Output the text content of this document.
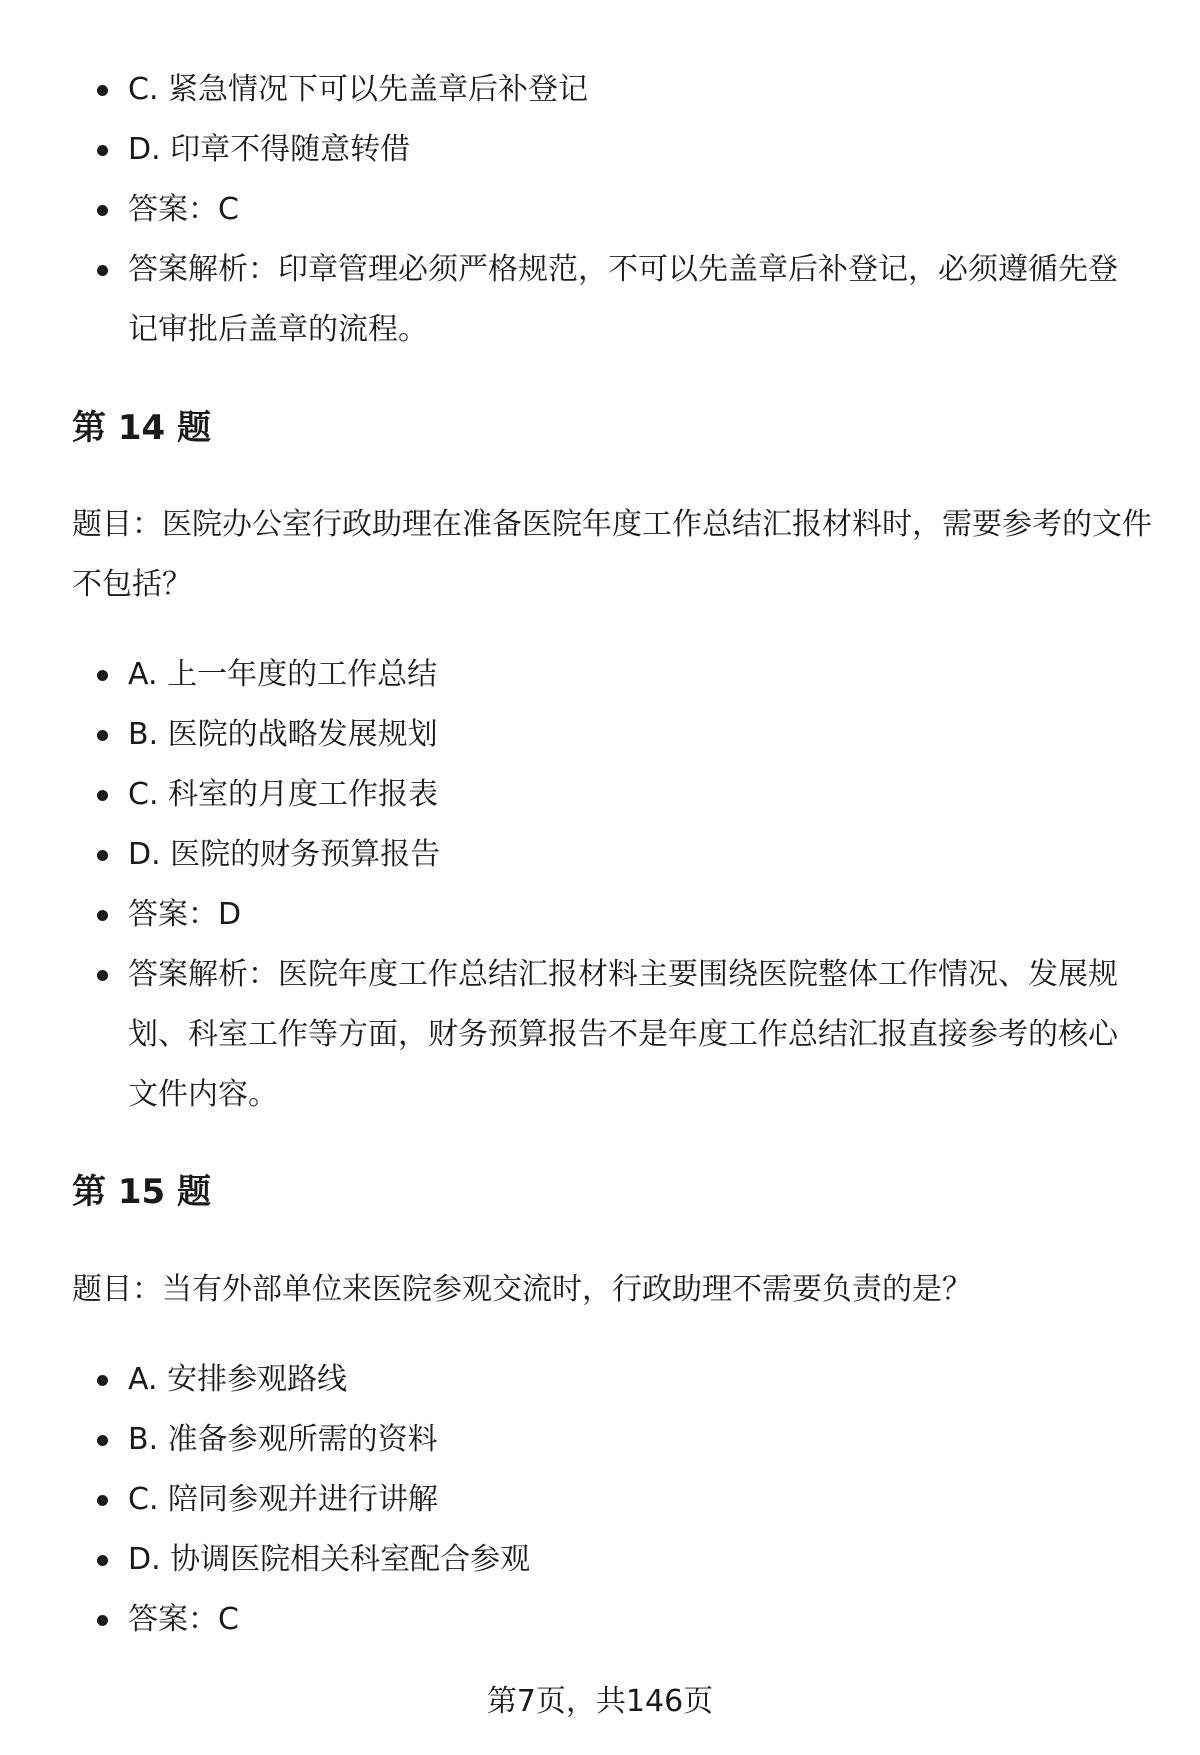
C. 紧急情况下可以先盖章后补登记
D. 印章不得随意转借
答案：C
答案解析：印章管理必须严格规范，不可以先盖章后补登记，必须遵循先登记审批后盖章的流程。
第 14 题

题目：医院办公室行政助理在准备医院年度工作总结汇报材料时，需要参考的文件不包括？

A. 上一年度的工作总结
B. 医院的战略发展规划
C. 科室的月度工作报表
D. 医院的财务预算报告
答案：D
答案解析：医院年度工作总结汇报材料主要围绕医院整体工作情况、发展规划、科室工作等方面，财务预算报告不是年度工作总结汇报直接参考的核心文件内容。
第 15 题

题目：当有外部单位来医院参观交流时，行政助理不需要负责的是？

A. 安排参观路线
B. 准备参观所需的资料
C. 陪同参观并进行讲解
D. 协调医院相关科室配合参观
答案：C
第7页，共146页
